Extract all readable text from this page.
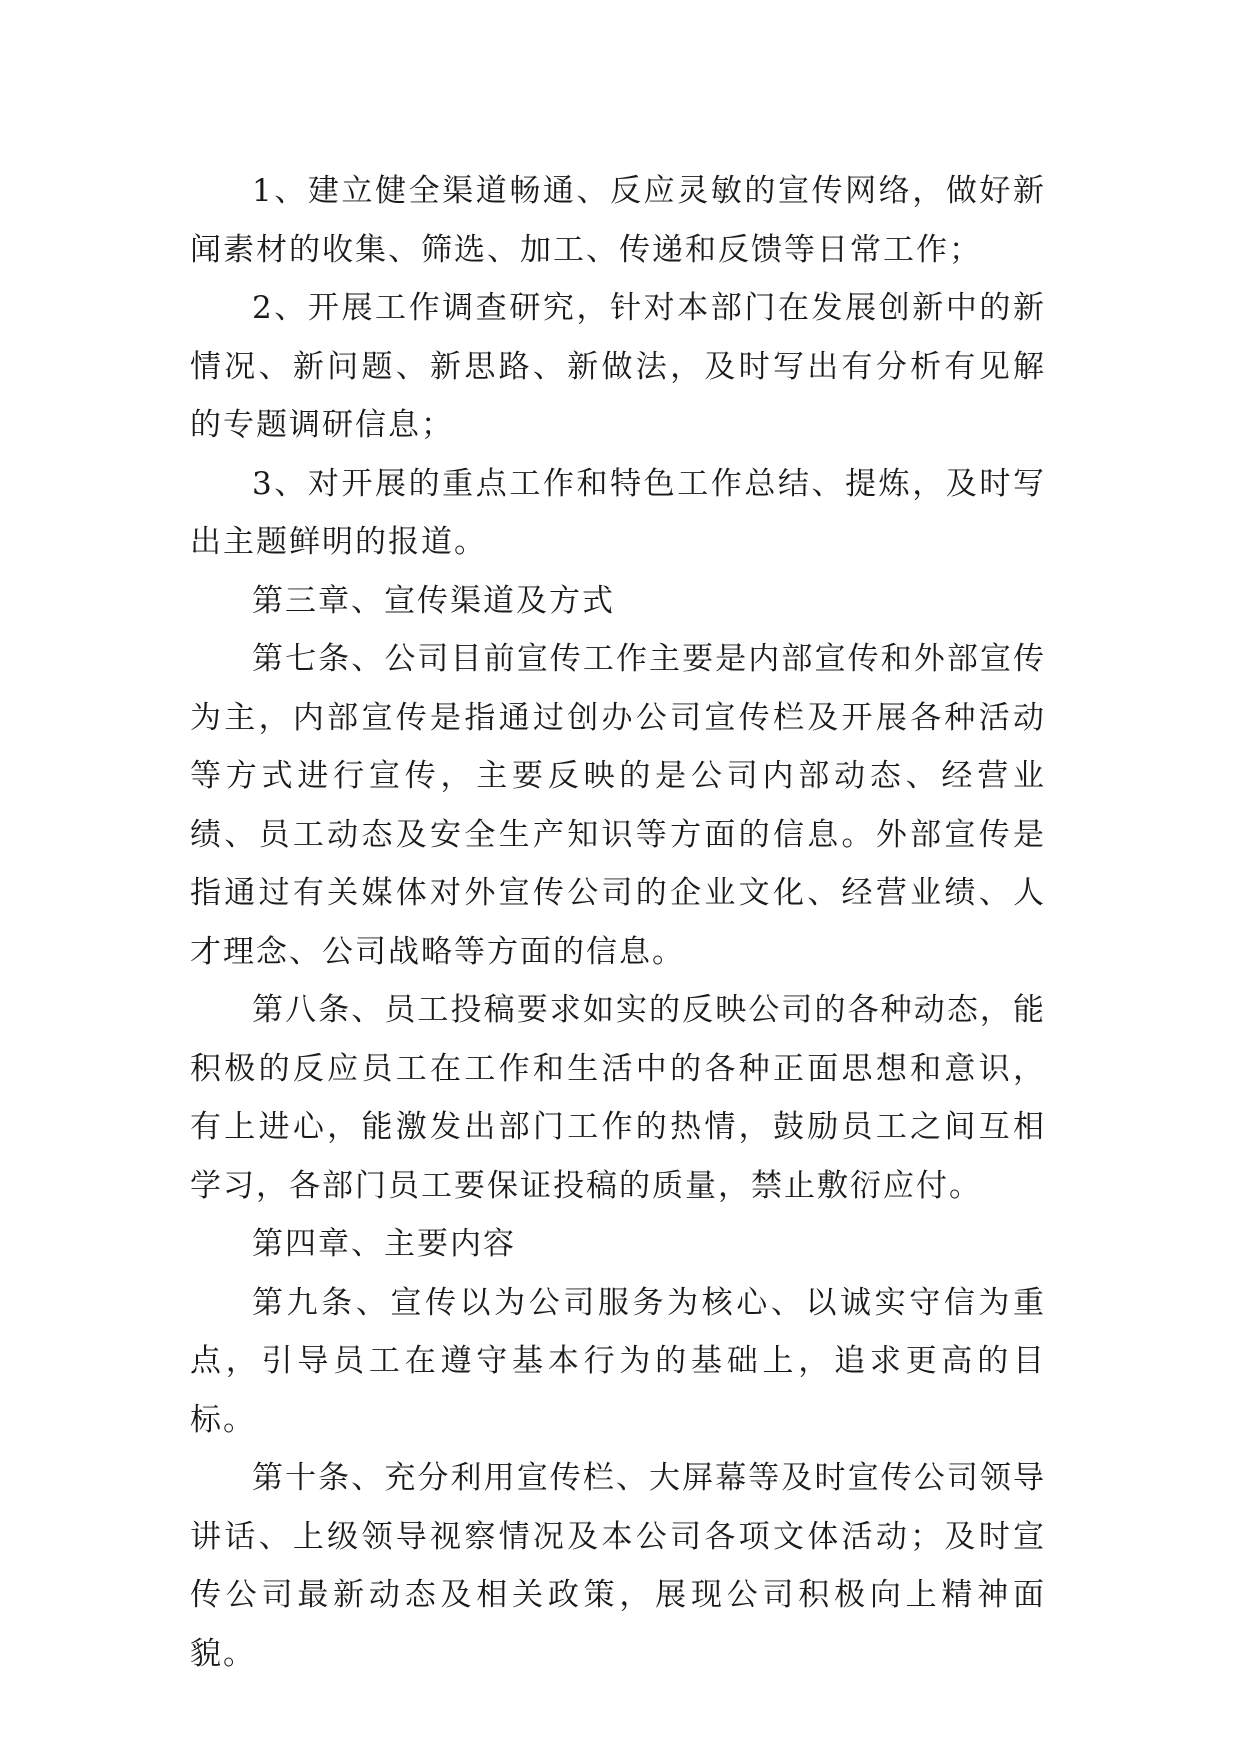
1、建立健全渠道畅通、反应灵敏的宣传网络，做好新闻素材的收集、筛选、加工、传递和反馈等日常工作；

2、开展工作调查研究，针对本部门在发展创新中的新情况、新问题、新思路、新做法，及时写出有分析有见解的专题调研信息；

3、对开展的重点工作和特色工作总结、提炼，及时写出主题鲜明的报道。

第三章、宣传渠道及方式

第七条、公司目前宣传工作主要是内部宣传和外部宣传为主，内部宣传是指通过创办公司宣传栏及开展各种活动等方式进行宣传，主要反映的是公司内部动态、经营业绩、员工动态及安全生产知识等方面的信息。外部宣传是指通过有关媒体对外宣传公司的企业文化、经营业绩、人才理念、公司战略等方面的信息。

第八条、员工投稿要求如实的反映公司的各种动态，能积极的反应员工在工作和生活中的各种正面思想和意识，有上进心，能激发出部门工作的热情，鼓励员工之间互相学习，各部门员工要保证投稿的质量，禁止敷衍应付。

第四章、主要内容

第九条、宣传以为公司服务为核心、以诚实守信为重点，引导员工在遵守基本行为的基础上，追求更高的目标。

第十条、充分利用宣传栏、大屏幕等及时宣传公司领导讲话、上级领导视察情况及本公司各项文体活动；及时宣传公司最新动态及相关政策，展现公司积极向上精神面貌。
